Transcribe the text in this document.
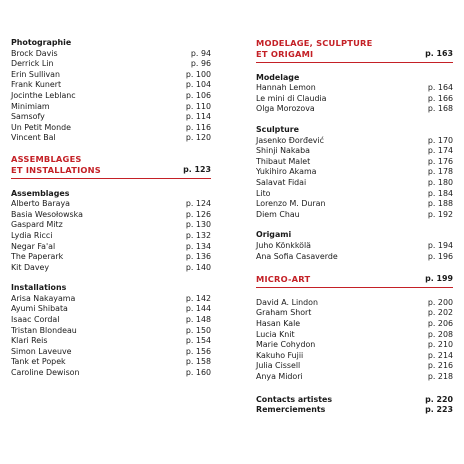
Photographie
Brock Davis	p. 94
Derrick Lin	p. 96
Erin Sullivan	p. 100
Frank Kunert	p. 104
Jocinthe Leblanc	p. 106
Minimiam	p. 110
Samsofy	p. 114
Un Petit Monde	p. 116
Vincent Bal	p. 120
ASSEMBLAGES
ET INSTALLATIONS	p. 123
Assemblages
Alberto Baraya	p. 124
Basia Wesołowska	p. 126
Gaspard Mitz	p. 130
Lydia Ricci	p. 132
Negar Fa'al	p. 134
The Paperark	p. 136
Kit Davey	p. 140
Installations
Arisa Nakayama	p. 142
Ayumi Shibata	p. 144
Isaac Cordal	p. 148
Tristan Blondeau	p. 150
Klari Reis	p. 154
Simon Laveuve	p. 156
Tank et Popek	p. 158
Caroline Dewison	p. 160
MODELAGE, SCULPTURE
ET ORIGAMI	p. 163
Modelage
Hannah Lemon	p. 164
Le mini di Claudia	p. 166
Olga Morozova	p. 168
Sculpture
Jasenko Đorđević	p. 170
Shinji Nakaba	p. 174
Thibaut Malet	p. 176
Yukihiro Akama	p. 178
Salavat Fidai	p. 180
Lito	p. 184
Lorenzo M. Duran	p. 188
Diem Chau	p. 192
Origami
Juho Könkkölä	p. 194
Ana Sofia Casaverde	p. 196
MICRO-ART	p. 199
David A. Lindon	p. 200
Graham Short	p. 202
Hasan Kale	p. 206
Lucia Knit	p. 208
Marie Cohydon	p. 210
Kakuho Fujii	p. 214
Julia Cissell	p. 216
Anya Midori	p. 218
Contacts artistes	p. 220
Remerciements	p. 223
